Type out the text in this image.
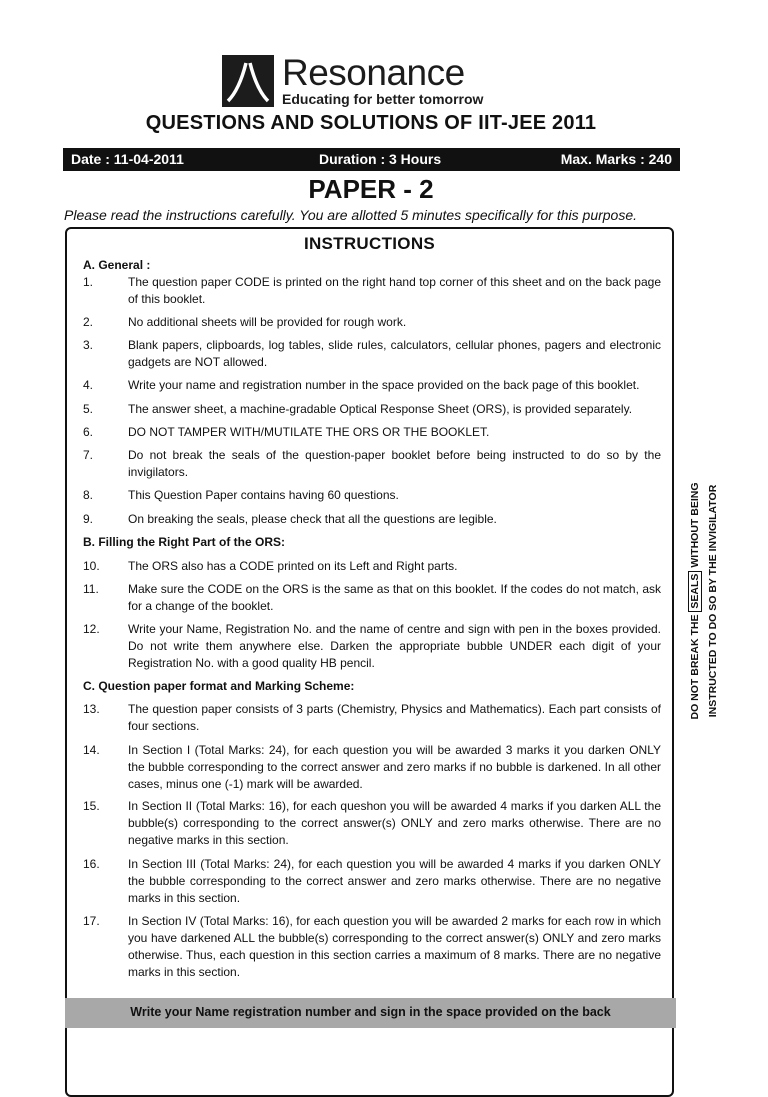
Resonance
Educating for better tomorrow
QUESTIONS AND SOLUTIONS OF IIT-JEE 2011
Date : 11-04-2011	Duration : 3 Hours	Max. Marks : 240
PAPER - 2

Please read the instructions carefully. You are allotted 5 minutes specifically for this purpose.

INSTRUCTIONS

A. General :

1.	The question paper CODE is printed on the right hand top corner of this sheet and on the back page of this booklet.
2.	No additional sheets will be provided for rough work.
3.	Blank papers, clipboards, log tables, slide rules, calculators, cellular phones, pagers and electronic gadgets are NOT allowed.
4.	Write your name and registration number in the space provided on the back page of this booklet.
5.	The answer sheet, a machine-gradable Optical Response Sheet (ORS), is provided separately.
6.	DO NOT TAMPER WITH/MUTILATE THE ORS OR THE BOOKLET.
7.	Do not break the seals of the question-paper booklet before being instructed to do so by the invigilators.
8.	This Question Paper contains having 60 questions.
9.	On breaking the seals, please check that all the questions are legible.

B. Filling the Right Part of the ORS:

10. The ORS also has a CODE printed on its Left and Right parts.
11. Make sure the CODE on the ORS is the same as that on this booklet. If the codes do not match, ask for a change of the booklet.
12. Write your Name, Registration No. and the name of centre and sign with pen in the boxes provided. Do not write them anywhere else. Darken the appropriate bubble UNDER each digit of your Registration No. with a good quality HB pencil.

C. Question paper format and Marking Scheme:

13. The question paper consists of 3 parts (Chemistry, Physics and Mathematics). Each part consists of four sections.
14. In Section I (Total Marks: 24), for each question you will be awarded 3 marks it you darken ONLY the bubble corresponding to the correct answer and zero marks if no bubble is darkened. In all other cases, minus one (-1) mark will be awarded.
15. In Section II (Total Marks: 16), for each queshon you will be awarded 4 marks if you darken ALL the bubble(s) corresponding to the correct answer(s) ONLY and zero marks otherwise. There are no negative marks in this section.
16. In Section III (Total Marks: 24), for each question you will be awarded 4 marks if you darken ONLY the bubble corresponding to the correct answer and zero marks otherwise. There are no negative marks in this section.
17. In Section IV (Total Marks: 16), for each question you will be awarded 2 marks for each row in which you have darkened ALL the bubble(s) corresponding to the correct answer(s) ONLY and zero marks otherwise. Thus, each question in this section carries a maximum of 8 marks. There are no negative marks in this section.
Write your Name registration number and sign in the space provided on the back
DO NOT BREAK THE SEALS WITHOUT BEING INSTRUCTED TO DO SO BY THE INVIGILATOR
